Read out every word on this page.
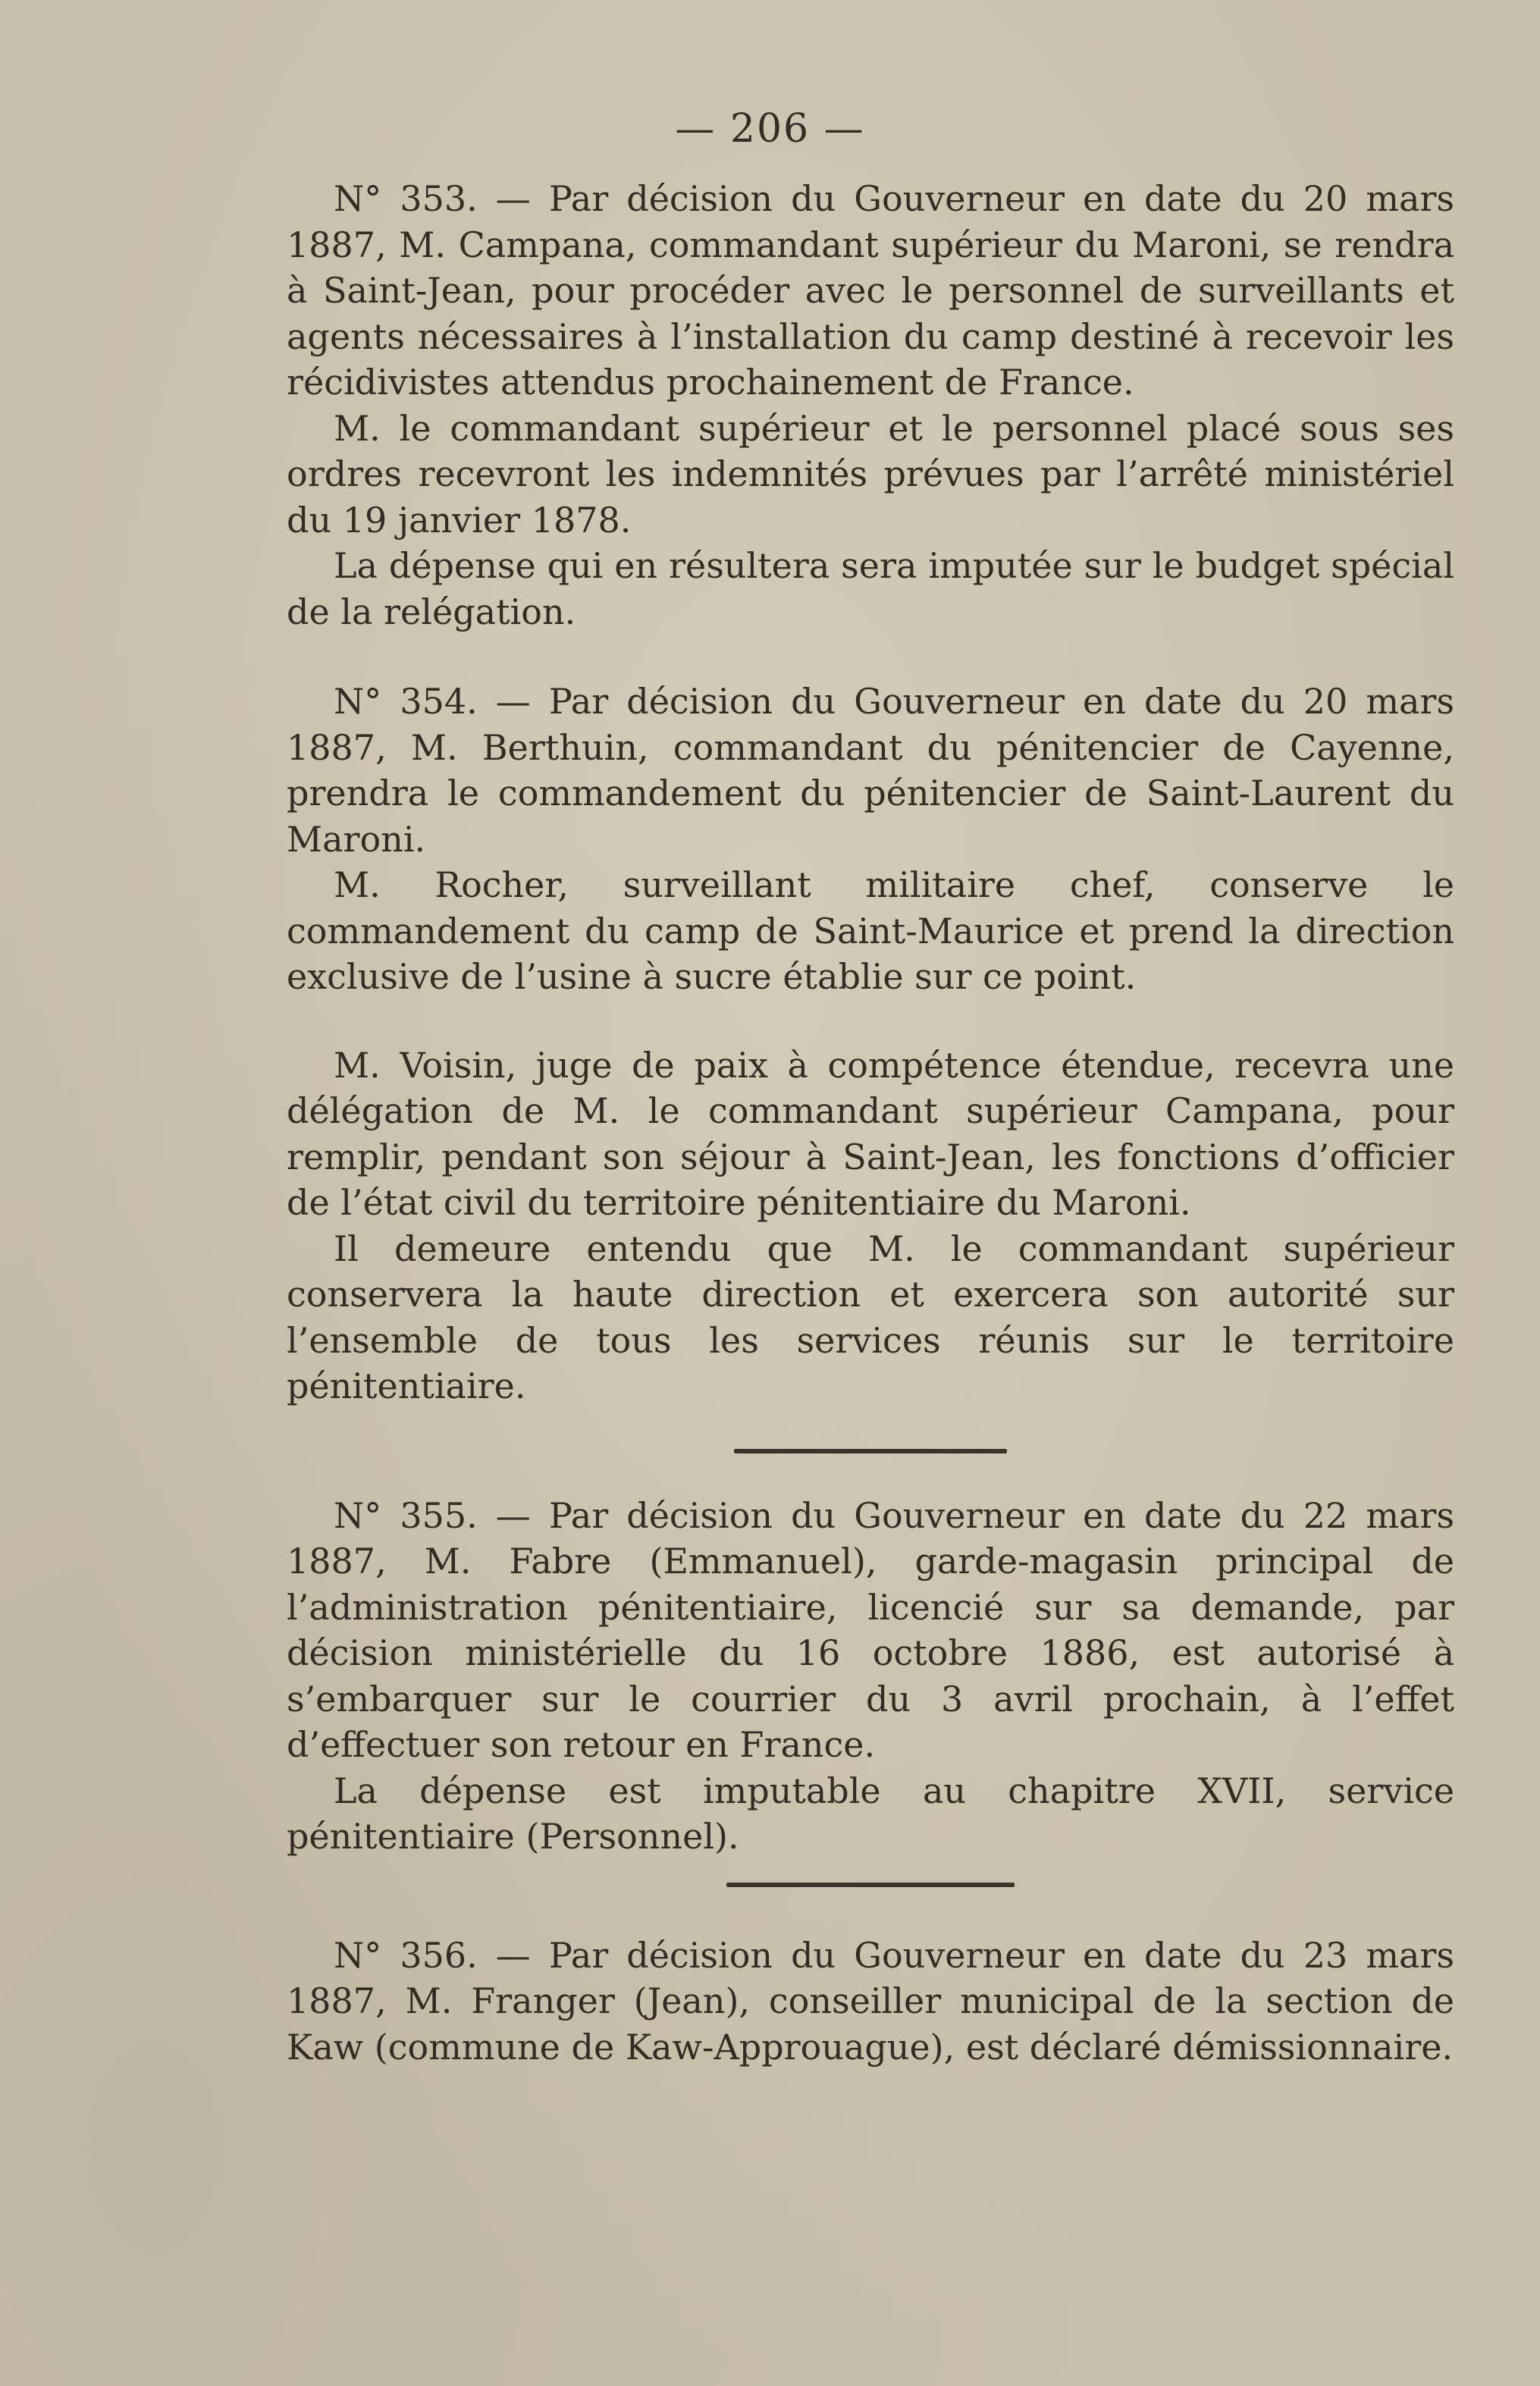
— 206 —

N° 353. — Par décision du Gouverneur en date du 20 mars 1887, M. Campana, commandant supérieur du Maroni, se rendra à Saint-Jean, pour procéder avec le personnel de surveillants et agents nécessaires à l’installation du camp destiné à recevoir les récidivistes attendus prochainement de France.

M. le commandant supérieur et le personnel placé sous ses ordres recevront les indemnités prévues par l’arrêté ministériel du 19 janvier 1878.

La dépense qui en résultera sera imputée sur le budget spécial de la relégation.

N° 354. — Par décision du Gouverneur en date du 20 mars 1887, M. Berthuin, commandant du pénitencier de Cayenne, prendra le commandement du pénitencier de Saint-Laurent du Maroni.

M. Rocher, surveillant militaire chef, conserve le commandement du camp de Saint-Maurice et prend la direction exclusive de l’usine à sucre établie sur ce point.

M. Voisin, juge de paix à compétence étendue, recevra une délégation de M. le commandant supérieur Campana, pour remplir, pendant son séjour à Saint-Jean, les fonctions d’officier de l’état civil du territoire pénitentiaire du Maroni.

Il demeure entendu que M. le commandant supérieur conservera la haute direction et exercera son autorité sur l’ensemble de tous les services réunis sur le territoire pénitentiaire.

N° 355. — Par décision du Gouverneur en date du 22 mars 1887, M. Fabre (Emmanuel), garde-magasin principal de l’administration pénitentiaire, licencié sur sa demande, par décision ministérielle du 16 octobre 1886, est autorisé à s’embarquer sur le courrier du 3 avril prochain, à l’effet d’effectuer son retour en France.

La dépense est imputable au chapitre XVII, service pénitentiaire (Personnel).

N° 356. — Par décision du Gouverneur en date du 23 mars 1887, M. Franger (Jean), conseiller municipal de la section de Kaw (commune de Kaw-Approuague), est déclaré démissionnaire.
